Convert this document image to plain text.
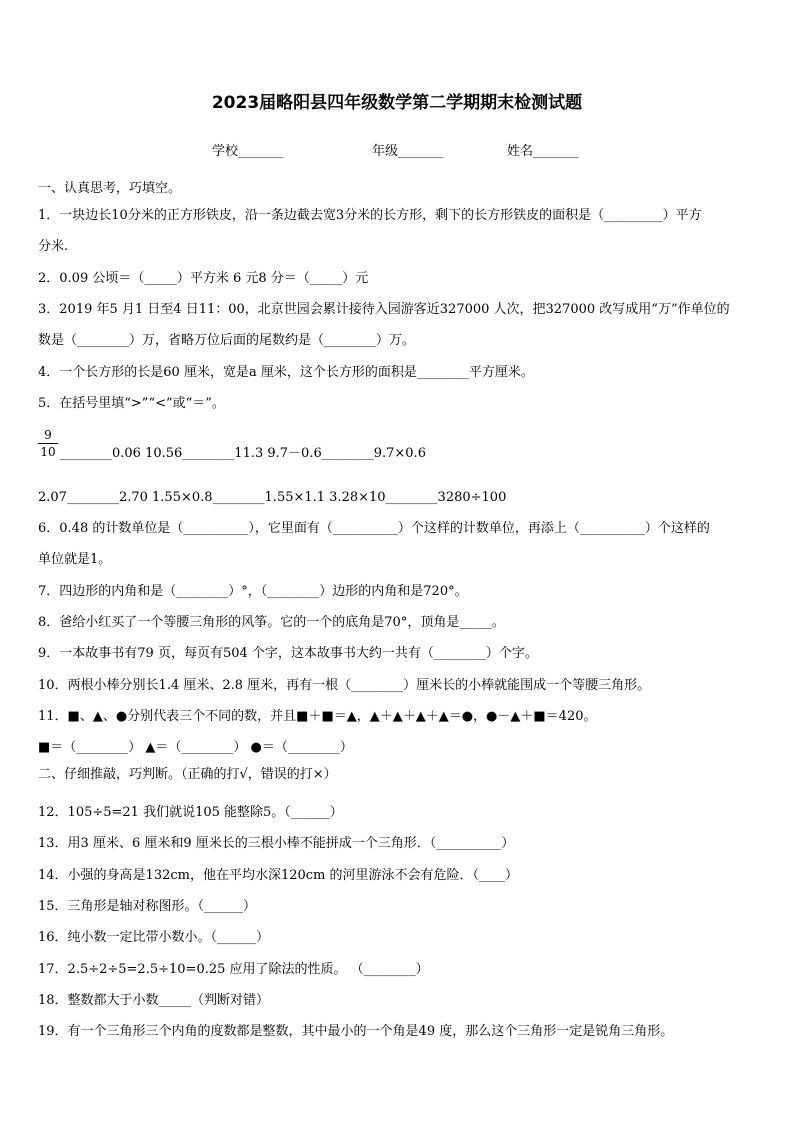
2023届略阳县四年级数学第二学期期末检测试题
学校_______	年级_______	姓名_______
一、认真思考，巧填空。
1．一块边长10分米的正方形铁皮，沿一条边截去宽3分米的长方形，剩下的长方形铁皮的面积是（_________）平方
分米.
2．0.09 公顷＝（_____）平方米 6 元8 分＝（_____）元
3．2019 年5 月1 日至4 日11：00，北京世园会累计接待入园游客近327000 人次，把327000 改写成用“万”作单位的
数是（________）万，省略万位后面的尾数约是（________）万。
4．一个长方形的长是60 厘米，宽是a 厘米，这个长方形的面积是________平方厘米。
5．在括号里填“>”“<”或“＝”。
$\frac{9}{10}$ ________0.06 10.56________11.3 9.7－0.6________9.7×0.6
2.07________2.70 1.55×0.8________1.55×1.1 3.28×10________3280÷100
6．0.48 的计数单位是（__________），它里面有（__________）个这样的计数单位，再添上（__________）个这样的
单位就是1。
7．四边形的内角和是（________）°，（________）边形的内角和是720°。
8．爸给小红买了一个等腰三角形的风筝。它的一个的底角是70°，顶角是_____。
9．一本故事书有79 页，每页有504 个字，这本故事书大约一共有（________）个字。
10．两根小棒分别长1.4 厘米、2.8 厘米，再有一根（________）厘米长的小棒就能围成一个等腰三角形。
11．■、▲、●分别代表三个不同的数，并且■＋■＝▲，▲＋▲＋▲＋▲＝●，●－▲＋■＝420。
■＝（________） ▲＝（________） ●＝（________）
二、仔细推敲，巧判断。（正确的打√，错误的打×）
12．105÷5=21 我们就说105 能整除5。（______）
13．用3 厘米、6 厘米和9 厘米长的三根小棒不能拼成一个三角形．（__________）
14．小强的身高是132cm，他在平均水深120cm 的河里游泳不会有危险．（____）
15．三角形是轴对称图形。（______）
16．纯小数一定比带小数小。（______）
17．2.5÷2÷5=2.5÷10=0.25 应用了除法的性质。 （________）
18．整数都大于小数_____（判断对错）
19．有一个三角形三个内角的度数都是整数，其中最小的一个角是49 度，那么这个三角形一定是锐角三角形。
